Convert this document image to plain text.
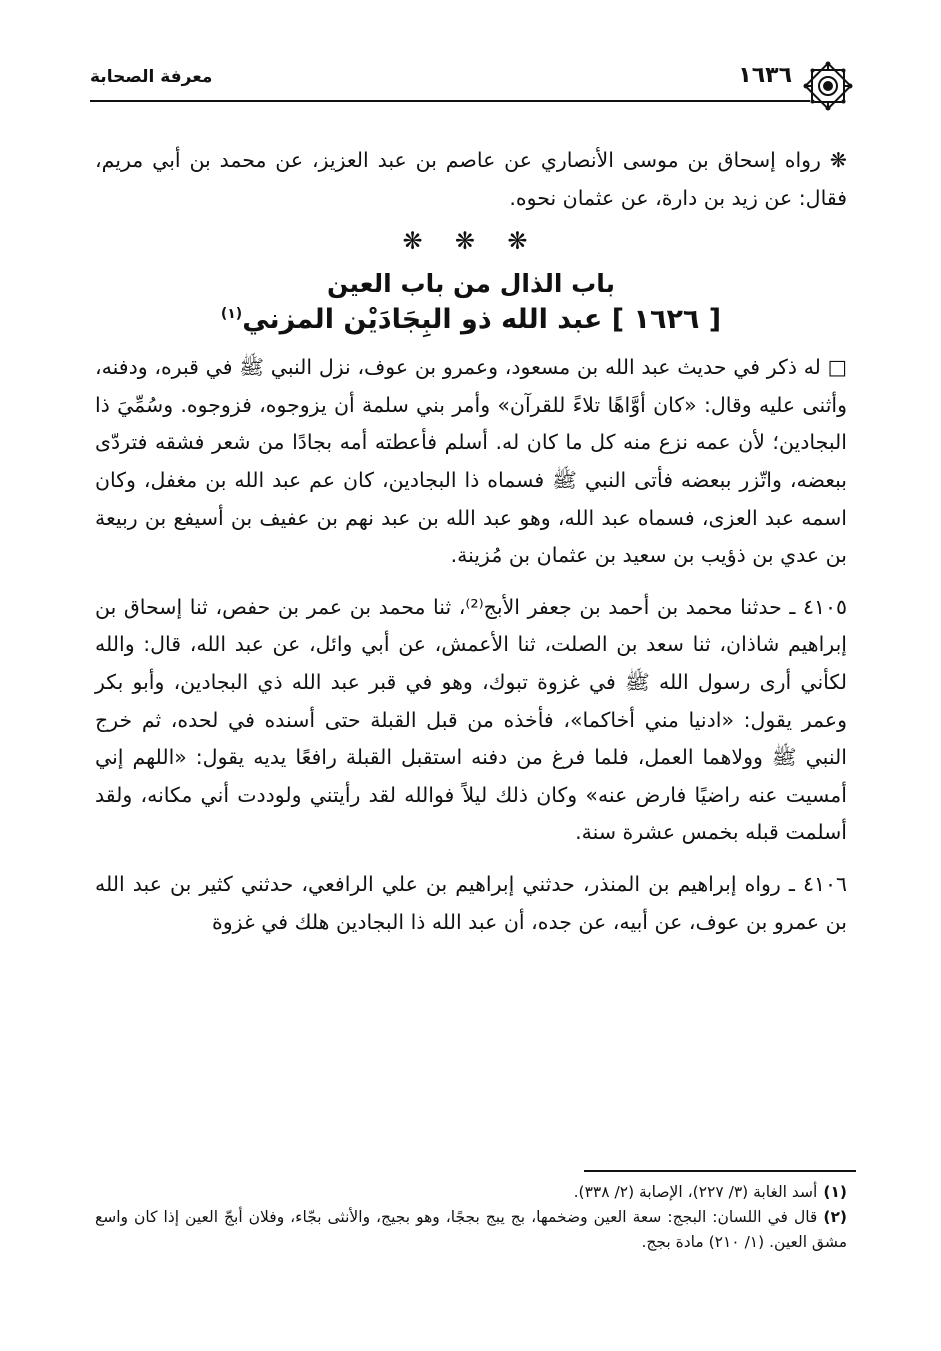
١٦٣٦
معرفة الصحابة

❋ رواه إسحاق بن موسى الأنصاري عن عاصم بن عبد العزيز، عن محمد بن أبي مريم، فقال: عن زيد بن دارة، عن عثمان نحوه.

❋ ❋ ❋
باب الذال من باب العين
[ ١٦٢٦ ] عبد الله ذو البِجَادَيْن المزني$^{(١)}$

□ له ذكر في حديث عبد الله بن مسعود، وعمرو بن عوف، نزل النبي ﷺ في قبره، ودفنه، وأثنى عليه وقال: «كان أوَّاهًا تلاءً للقرآن» وأمر بني سلمة أن يزوجوه، فزوجوه. وسُمِّيَ ذا البجادين؛ لأن عمه نزع منه كل ما كان له. أسلم فأعطته أمه بجادًا من شعر فشقه فتردّى ببعضه، واتّزر ببعضه فأتى النبي ﷺ فسماه ذا البجادين، كان عم عبد الله بن مغفل، وكان اسمه عبد العزى، فسماه عبد الله، وهو عبد الله بن عبد نهم بن عفيف بن أسيفع بن ربيعة بن عدي بن ذؤيب بن سعيد بن عثمان بن مُزينة.

٤١٠٥ ـ حدثنا محمد بن أحمد بن جعفر الأبج⁽²⁾، ثنا محمد بن عمر بن حفص، ثنا إسحاق بن إبراهيم شاذان، ثنا سعد بن الصلت، ثنا الأعمش، عن أبي وائل، عن عبد الله، قال: والله لكأني أرى رسول الله ﷺ في غزوة تبوك، وهو في قبر عبد الله ذي البجادين، وأبو بكر وعمر يقول: «ادنيا مني أخاكما»، فأخذه من قبل القبلة حتى أسنده في لحده، ثم خرج النبي ﷺ وولاهما العمل، فلما فرغ من دفنه استقبل القبلة رافعًا يديه يقول: «اللهم إني أمسيت عنه راضيًا فارض عنه» وكان ذلك ليلاً فوالله لقد رأيتني ولوددت أني مكانه، ولقد أسلمت قبله بخمس عشرة سنة.

٤١٠٦ ـ رواه إبراهيم بن المنذر، حدثني إبراهيم بن علي الرافعي، حدثني كثير بن عبد الله بن عمرو بن عوف، عن أبيه، عن جده، أن عبد الله ذا البجادين هلك في غزوة

(١)أسد الغابة (٣/ ٢٢٧)، الإصابة (٢/ ٣٣٨).

(٢)قال في اللسان: البجج: سعة العين وضخمها، بج يبج بججًا، وهو بجيج، والأنثى بجّاء، وفلان أبجّ العين إذا كان واسع مشق العين. (١/ ٢١٠) مادة بجج.
